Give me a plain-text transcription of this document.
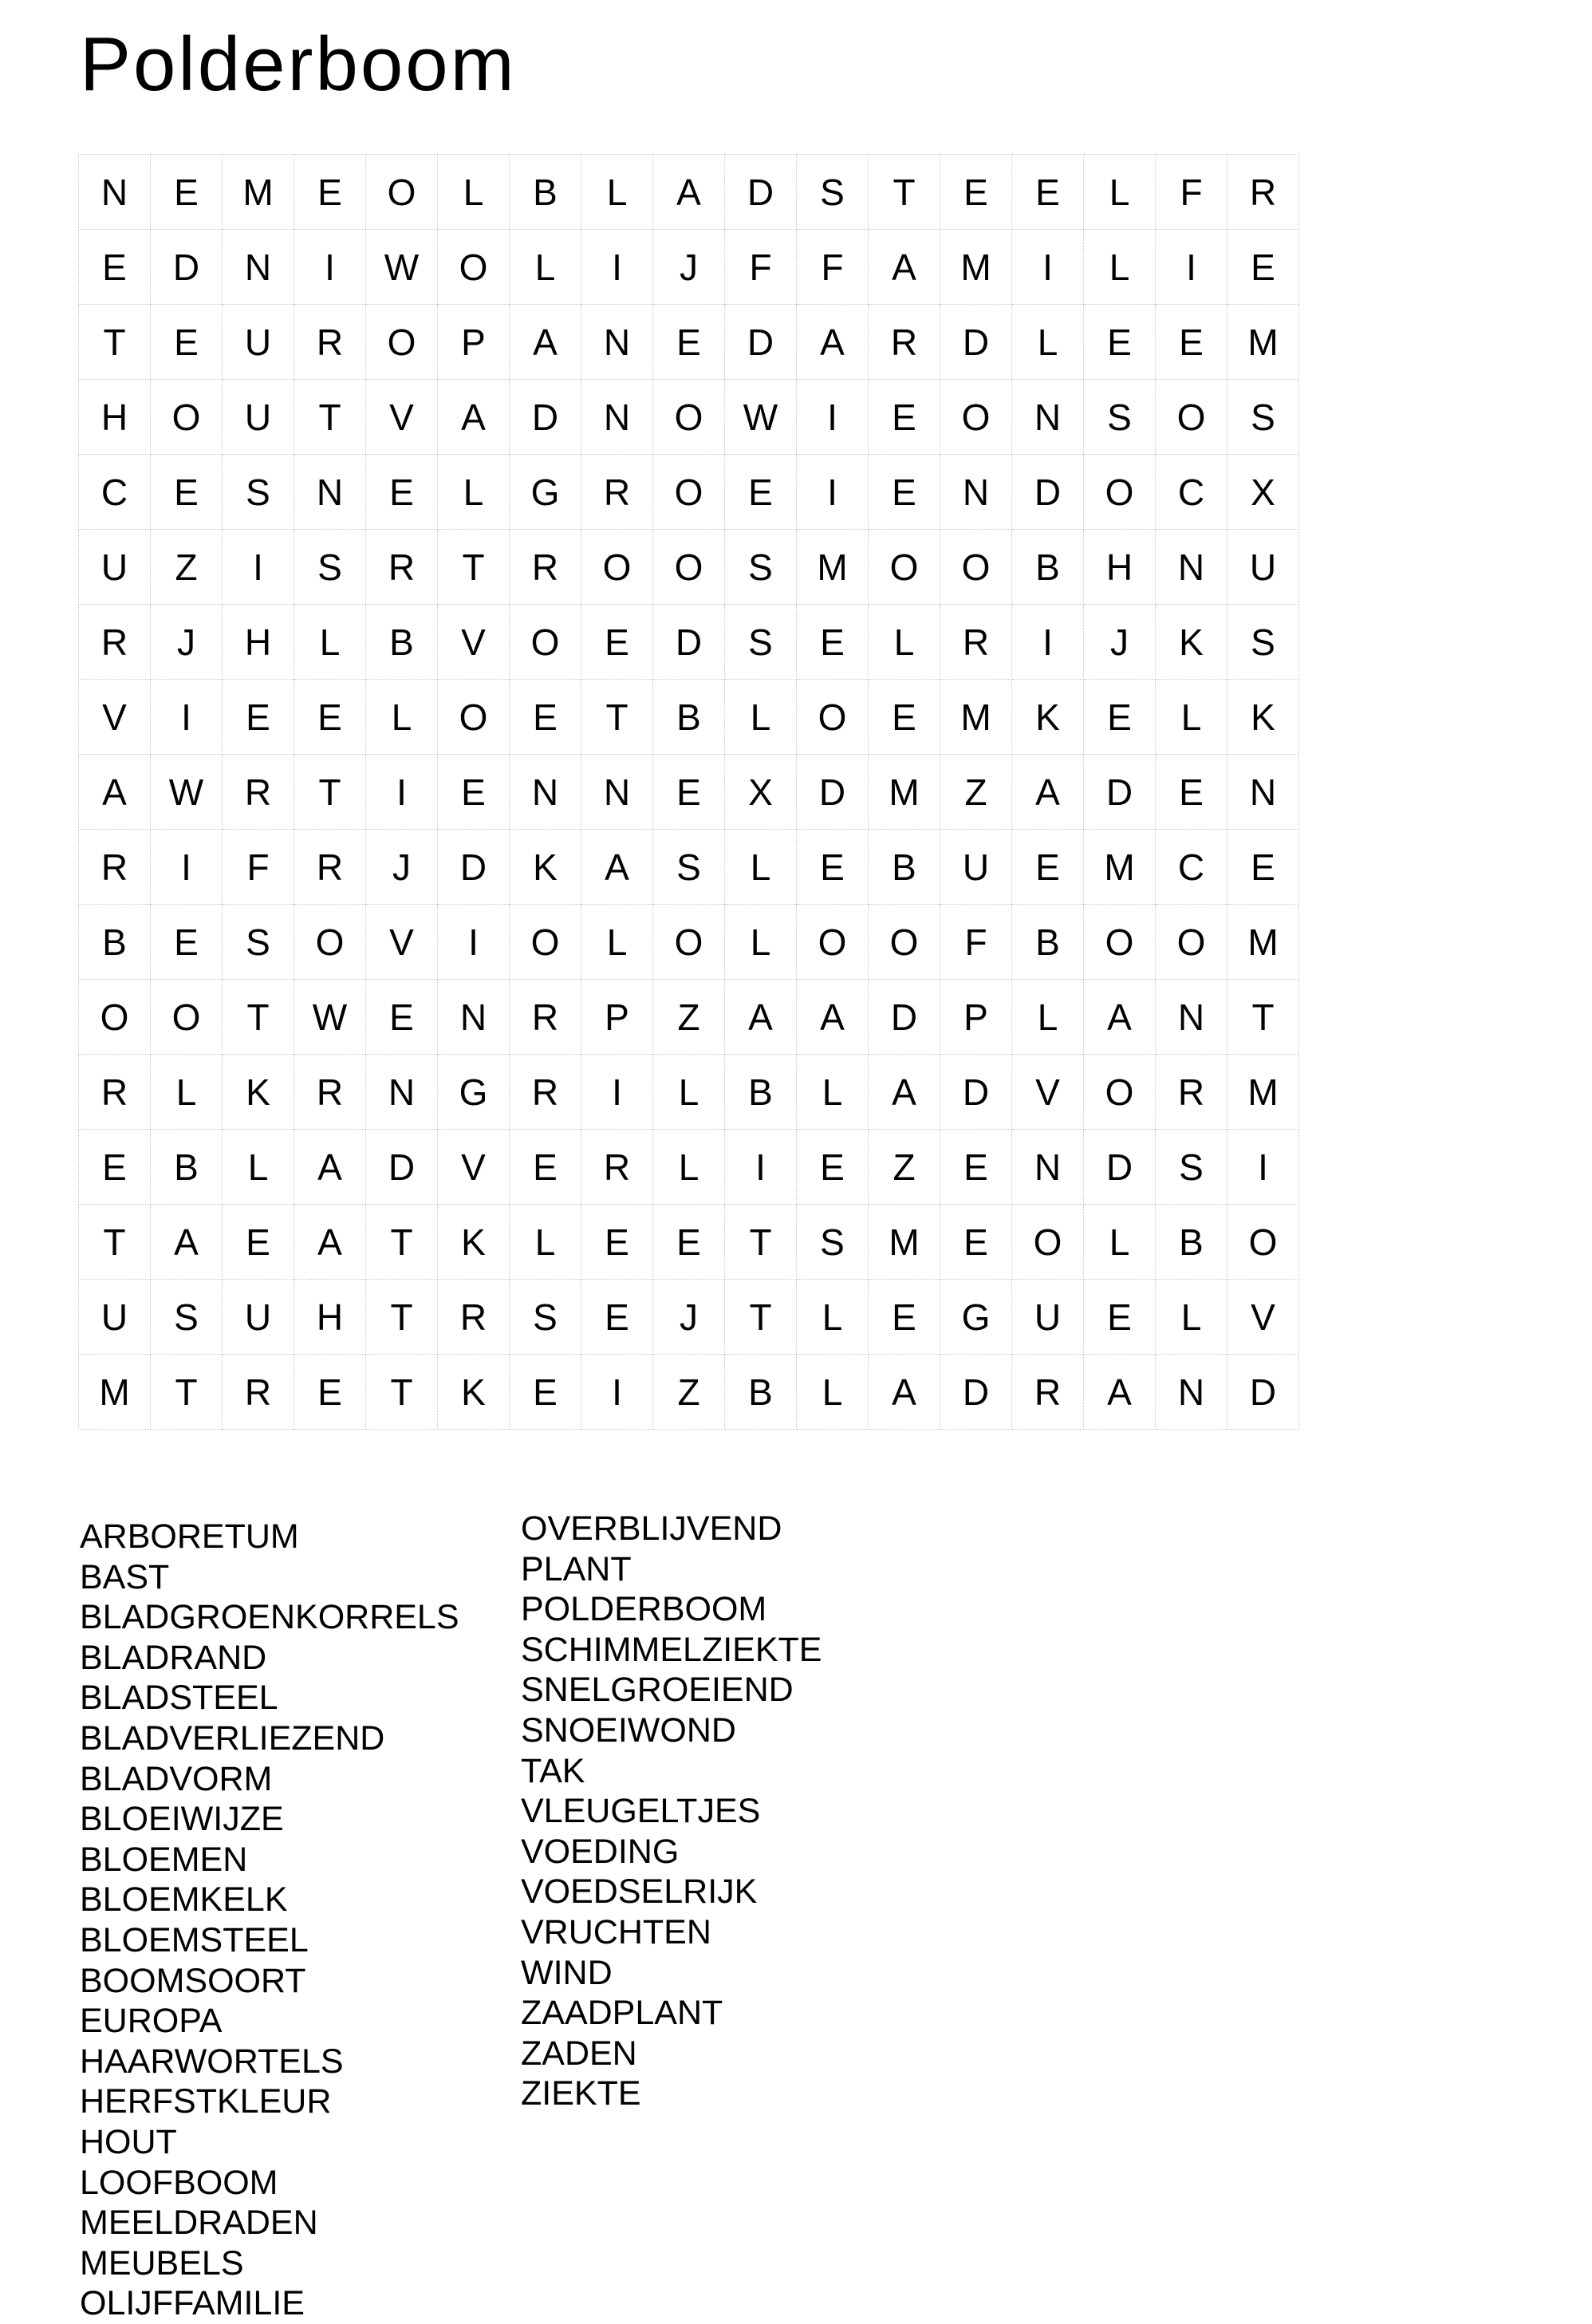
Polderboom
N	E	M	E	O	L	B	L	A	D	S	T	E	E	L	F	R
E	D	N	I	W	O	L	I	J	F	F	A	M	I	L	I	E
T	E	U	R	O	P	A	N	E	D	A	R	D	L	E	E	M
H	O	U	T	V	A	D	N	O	W	I	E	O	N	S	O	S
C	E	S	N	E	L	G	R	O	E	I	E	N	D	O	C	X
U	Z	I	S	R	T	R	O	O	S	M	O	O	B	H	N	U
R	J	H	L	B	V	O	E	D	S	E	L	R	I	J	K	S
V	I	E	E	L	O	E	T	B	L	O	E	M	K	E	L	K
A	W	R	T	I	E	N	N	E	X	D	M	Z	A	D	E	N
R	I	F	R	J	D	K	A	S	L	E	B	U	E	M	C	E
B	E	S	O	V	I	O	L	O	L	O	O	F	B	O	O	M
O	O	T	W	E	N	R	P	Z	A	A	D	P	L	A	N	T
R	L	K	R	N	G	R	I	L	B	L	A	D	V	O	R	M
E	B	L	A	D	V	E	R	L	I	E	Z	E	N	D	S	I
T	A	E	A	T	K	L	E	E	T	S	M	E	O	L	B	O
U	S	U	H	T	R	S	E	J	T	L	E	G	U	E	L	V
M	T	R	E	T	K	E	I	Z	B	L	A	D	R	A	N	D
ARBORETUM
BAST
BLADGROENKORRELS
BLADRAND
BLADSTEEL
BLADVERLIEZEND
BLADVORM
BLOEIWIJZE
BLOEMEN
BLOEMKELK
BLOEMSTEEL
BOOMSOORT
EUROPA
HAARWORTELS
HERFSTKLEUR
HOUT
LOOFBOOM
MEELDRADEN
MEUBELS
OLIJFFAMILIE
OVERBLIJVEND
PLANT
POLDERBOOM
SCHIMMELZIEKTE
SNELGROEIEND
SNOEIWOND
TAK
VLEUGELTJES
VOEDING
VOEDSELRIJK
VRUCHTEN
WIND
ZAADPLANT
ZADEN
ZIEKTE
